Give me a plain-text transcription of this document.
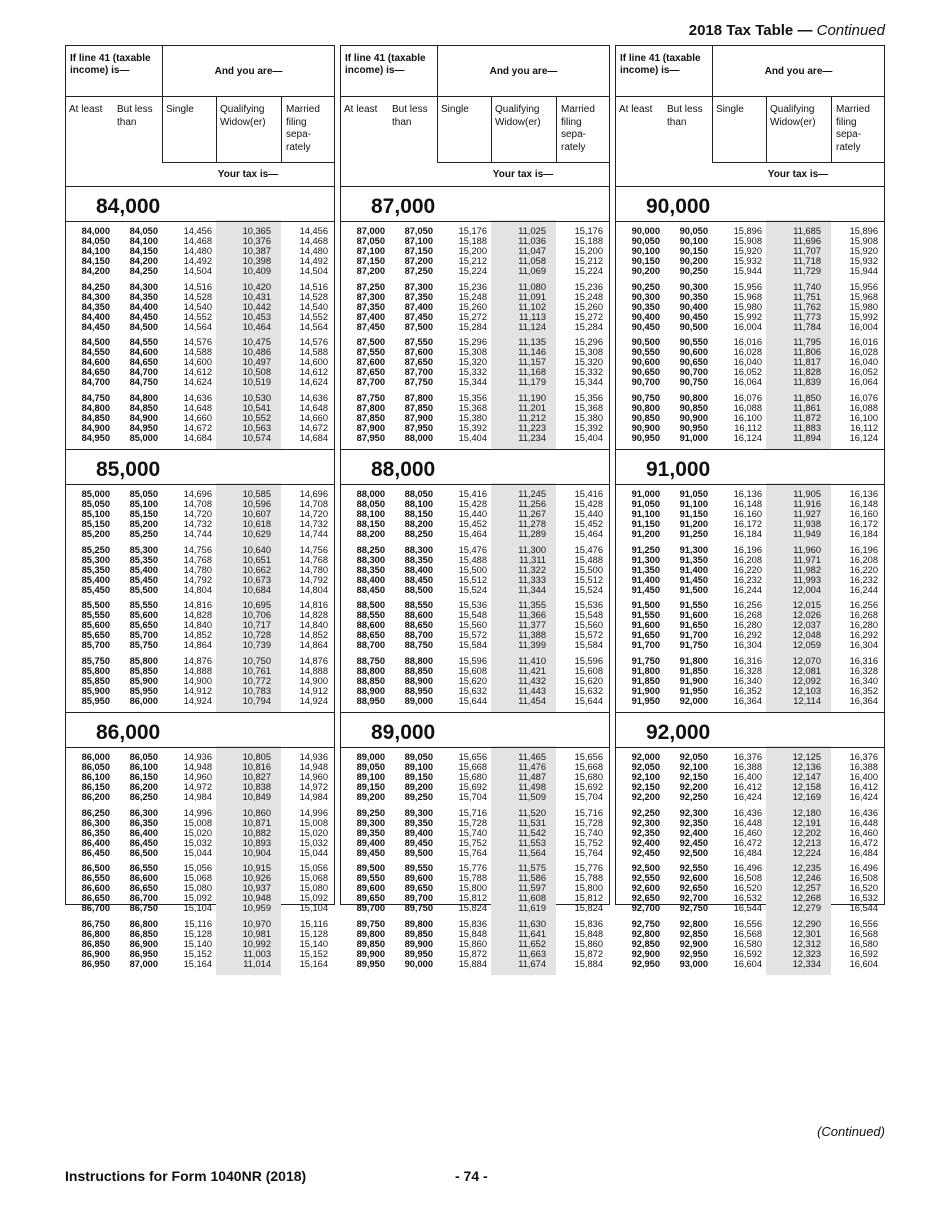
2018 Tax Table — Continued
If line 41 (taxable income) is—	And you are—
At least But less than
Single	Qualifying Widow(er)
Married filing sepa- rately
Your tax is—
84,000
84,000	84,050	14,456	10,365	14,456
84,050	84,100	14,468	10,376	14,468
84,100	84,150	14,480	10,387	14,480
84,150	84,200	14,492	10,398	14,492
84,200	84,250	14,504	10,409	14,504
84,250	84,300	14,516	10,420	14,516
84,300	84,350	14,528	10,431	14,528
84,350	84,400	14,540	10,442	14,540
84,400	84,450	14,552	10,453	14,552
84,450	84,500	14,564	10,464	14,564
84,500	84,550	14,576	10,475	14,576
84,550	84,600	14,588	10,486	14,588
84,600	84,650	14,600	10,497	14,600
84,650	84,700	14,612	10,508	14,612
84,700	84,750	14,624	10,519	14,624
84,750	84,800	14,636	10,530	14,636
84,800	84,850	14,648	10,541	14,648
84,850	84,900	14,660	10,552	14,660
84,900	84,950	14,672	10,563	14,672
84,950	85,000	14,684	10,574	14,684
85,000
85,000	85,050	14,696	10,585	14,696
85,050	85,100	14,708	10,596	14,708
85,100	85,150	14,720	10,607	14,720
85,150	85,200	14,732	10,618	14,732
85,200	85,250	14,744	10,629	14,744
85,250	85,300	14,756	10,640	14,756
85,300	85,350	14,768	10,651	14,768
85,350	85,400	14,780	10,662	14,780
85,400	85,450	14,792	10,673	14,792
85,450	85,500	14,804	10,684	14,804
85,500	85,550	14,816	10,695	14,816
85,550	85,600	14,828	10,706	14,828
85,600	85,650	14,840	10,717	14,840
85,650	85,700	14,852	10,728	14,852
85,700	85,750	14,864	10,739	14,864
85,750	85,800	14,876	10,750	14,876
85,800	85,850	14,888	10,761	14,888
85,850	85,900	14,900	10,772	14,900
85,900	85,950	14,912	10,783	14,912
85,950	86,000	14,924	10,794	14,924
86,000
86,000	86,050	14,936	10,805	14,936
86,050	86,100	14,948	10,816	14,948
86,100	86,150	14,960	10,827	14,960
86,150	86,200	14,972	10,838	14,972
86,200	86,250	14,984	10,849	14,984
86,250	86,300	14,996	10,860	14,996
86,300	86,350	15,008	10,871	15,008
86,350	86,400	15,020	10,882	15,020
86,400	86,450	15,032	10,893	15,032
86,450	86,500	15,044	10,904	15,044
86,500	86,550	15,056	10,915	15,056
86,550	86,600	15,068	10,926	15,068
86,600	86,650	15,080	10,937	15,080
86,650	86,700	15,092	10,948	15,092
86,700	86,750	15,104	10,959	15,104
86,750	86,800	15,116	10,970	15,116
86,800	86,850	15,128	10,981	15,128
86,850	86,900	15,140	10,992	15,140
86,900	86,950	15,152	11,003	15,152
86,950	87,000	15,164	11,014	15,164
If line 41 (taxable income) is—	And you are—
At least But less than
Single	Qualifying Widow(er)
Married filing sepa- rately
Your tax is—
87,000
87,000	87,050	15,176	11,025	15,176
87,050	87,100	15,188	11,036	15,188
87,100	87,150	15,200	11,047	15,200
87,150	87,200	15,212	11,058	15,212
87,200	87,250	15,224	11,069	15,224
87,250	87,300	15,236	11,080	15,236
87,300	87,350	15,248	11,091	15,248
87,350	87,400	15,260	11,102	15,260
87,400	87,450	15,272	11,113	15,272
87,450	87,500	15,284	11,124	15,284
87,500	87,550	15,296	11,135	15,296
87,550	87,600	15,308	11,146	15,308
87,600	87,650	15,320	11,157	15,320
87,650	87,700	15,332	11,168	15,332
87,700	87,750	15,344	11,179	15,344
87,750	87,800	15,356	11,190	15,356
87,800	87,850	15,368	11,201	15,368
87,850	87,900	15,380	11,212	15,380
87,900	87,950	15,392	11,223	15,392
87,950	88,000	15,404	11,234	15,404
88,000
88,000	88,050	15,416	11,245	15,416
88,050	88,100	15,428	11,256	15,428
88,100	88,150	15,440	11,267	15,440
88,150	88,200	15,452	11,278	15,452
88,200	88,250	15,464	11,289	15,464
88,250	88,300	15,476	11,300	15,476
88,300	88,350	15,488	11,311	15,488
88,350	88,400	15,500	11,322	15,500
88,400	88,450	15,512	11,333	15,512
88,450	88,500	15,524	11,344	15,524
88,500	88,550	15,536	11,355	15,536
88,550	88,600	15,548	11,366	15,548
88,600	88,650	15,560	11,377	15,560
88,650	88,700	15,572	11,388	15,572
88,700	88,750	15,584	11,399	15,584
88,750	88,800	15,596	11,410	15,596
88,800	88,850	15,608	11,421	15,608
88,850	88,900	15,620	11,432	15,620
88,900	88,950	15,632	11,443	15,632
88,950	89,000	15,644	11,454	15,644
89,000
89,000	89,050	15,656	11,465	15,656
89,050	89,100	15,668	11,476	15,668
89,100	89,150	15,680	11,487	15,680
89,150	89,200	15,692	11,498	15,692
89,200	89,250	15,704	11,509	15,704
89,250	89,300	15,716	11,520	15,716
89,300	89,350	15,728	11,531	15,728
89,350	89,400	15,740	11,542	15,740
89,400	89,450	15,752	11,553	15,752
89,450	89,500	15,764	11,564	15,764
89,500	89,550	15,776	11,575	15,776
89,550	89,600	15,788	11,586	15,788
89,600	89,650	15,800	11,597	15,800
89,650	89,700	15,812	11,608	15,812
89,700	89,750	15,824	11,619	15,824
89,750	89,800	15,836	11,630	15,836
89,800	89,850	15,848	11,641	15,848
89,850	89,900	15,860	11,652	15,860
89,900	89,950	15,872	11,663	15,872
89,950	90,000	15,884	11,674	15,884
If line 41 (taxable income) is—	And you are—
At least But less than
Single	Qualifying Widow(er)
Married filing sepa- rately
Your tax is—
90,000
90,000	90,050	15,896	11,685	15,896
90,050	90,100	15,908	11,696	15,908
90,100	90,150	15,920	11,707	15,920
90,150	90,200	15,932	11,718	15,932
90,200	90,250	15,944	11,729	15,944
90,250	90,300	15,956	11,740	15,956
90,300	90,350	15,968	11,751	15,968
90,350	90,400	15,980	11,762	15,980
90,400	90,450	15,992	11,773	15,992
90,450	90,500	16,004	11,784	16,004
90,500	90,550	16,016	11,795	16,016
90,550	90,600	16,028	11,806	16,028
90,600	90,650	16,040	11,817	16,040
90,650	90,700	16,052	11,828	16,052
90,700	90,750	16,064	11,839	16,064
90,750	90,800	16,076	11,850	16,076
90,800	90,850	16,088	11,861	16,088
90,850	90,900	16,100	11,872	16,100
90,900	90,950	16,112	11,883	16,112
90,950	91,000	16,124	11,894	16,124
91,000
91,000	91,050	16,136	11,905	16,136
91,050	91,100	16,148	11,916	16,148
91,100	91,150	16,160	11,927	16,160
91,150	91,200	16,172	11,938	16,172
91,200	91,250	16,184	11,949	16,184
91,250	91,300	16,196	11,960	16,196
91,300	91,350	16,208	11,971	16,208
91,350	91,400	16,220	11,982	16,220
91,400	91,450	16,232	11,993	16,232
91,450	91,500	16,244	12,004	16,244
91,500	91,550	16,256	12,015	16,256
91,550	91,600	16,268	12,026	16,268
91,600	91,650	16,280	12,037	16,280
91,650	91,700	16,292	12,048	16,292
91,700	91,750	16,304	12,059	16,304
91,750	91,800	16,316	12,070	16,316
91,800	91,850	16,328	12,081	16,328
91,850	91,900	16,340	12,092	16,340
91,900	91,950	16,352	12,103	16,352
91,950	92,000	16,364	12,114	16,364
92,000
92,000	92,050	16,376	12,125	16,376
92,050	92,100	16,388	12,136	16,388
92,100	92,150	16,400	12,147	16,400
92,150	92,200	16,412	12,158	16,412
92,200	92,250	16,424	12,169	16,424
92,250	92,300	16,436	12,180	16,436
92,300	92,350	16,448	12,191	16,448
92,350	92,400	16,460	12,202	16,460
92,400	92,450	16,472	12,213	16,472
92,450	92,500	16,484	12,224	16,484
92,500	92,550	16,496	12,235	16,496
92,550	92,600	16,508	12,246	16,508
92,600	92,650	16,520	12,257	16,520
92,650	92,700	16,532	12,268	16,532
92,700	92,750	16,544	12,279	16,544
92,750	92,800	16,556	12,290	16,556
92,800	92,850	16,568	12,301	16,568
92,850	92,900	16,580	12,312	16,580
92,900	92,950	16,592	12,323	16,592
92,950	93,000	16,604	12,334	16,604
(Continued)
Instructions for Form 1040NR (2018)	- 74 -
